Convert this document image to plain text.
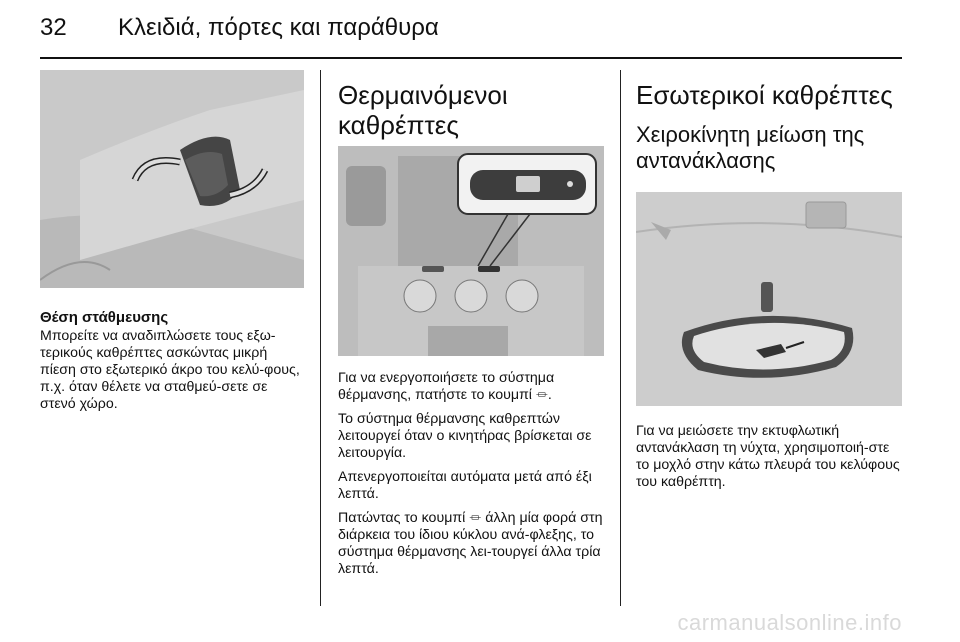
32 Κλειδιά, πόρτες και παράθυρα
Θέση στάθμευσης

Μπορείτε να αναδιπλώσετε τους εξω-τερικούς καθρέπτες ασκώντας μικρή πίεση στο εξωτερικό άκρο του κελύ-φους, π.χ. όταν θέλετε να σταθμεύ-σετε σε στενό χώρο.

Θερμαινόμενοι καθρέπτες

Για να ενεργοποιήσετε το σύστημα θέρμανσης, πατήστε το κουμπί ⏛.

Το σύστημα θέρμανσης καθρεπτών λειτουργεί όταν ο κινητήρας βρίσκεται σε λειτουργία.

Απενεργοποιείται αυτόματα μετά από έξι λεπτά.

Πατώντας το κουμπί ⏛ άλλη μία φορά στη διάρκεια του ίδιου κύκλου ανά-φλεξης, το σύστημα θέρμανσης λει-τουργεί άλλα τρία λεπτά.

Εσωτερικοί καθρέπτες
Χειροκίνητη μείωση της αντανάκλασης

Για να μειώσετε την εκτυφλωτική αντανάκλαση τη νύχτα, χρησιμοποιή-στε το μοχλό στην κάτω πλευρά του κελύφους του καθρέπτη.

carmanualsonline.info
